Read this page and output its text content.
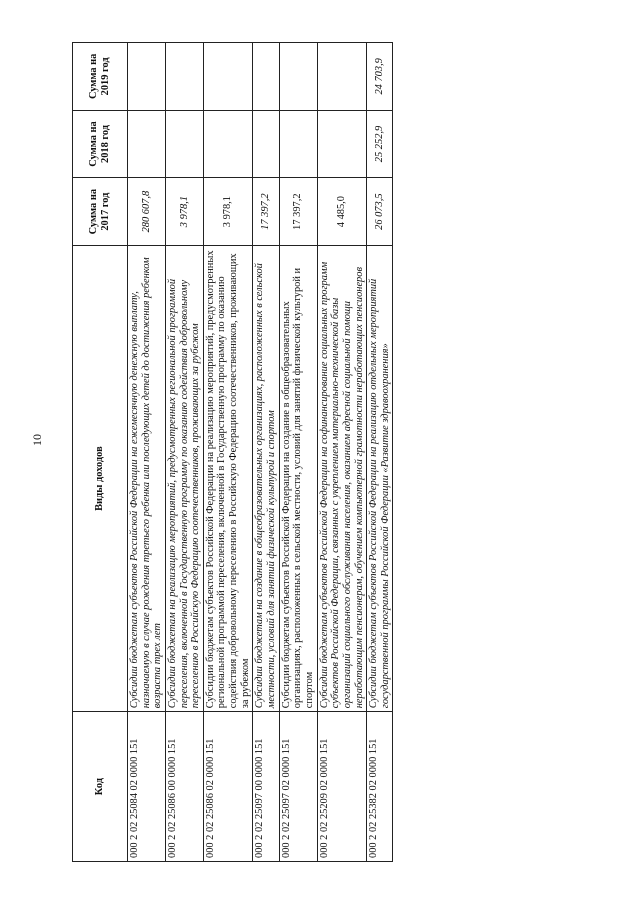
10
Код	Виды доходов	Сумма на 2017 год	Сумма на 2018 год	Сумма на 2019 год
000 2 02 25084 02 0000 151	Субсидии бюджетам субъектов Российской Федерации на ежемесячную денежную выплату, назначаемую в случае рождения третьего ребенка или последующих детей до достижения ребенком возраста трех лет	280 607,8		
000 2 02 25086 00 0000 151	Субсидии бюджетам на реализацию мероприятий, предусмотренных региональной программой переселения, включенной в Государственную программу по оказанию содействия добровольному переселению в Российскую Федерацию соотечественников, проживающих за рубежом	3 978,1		
000 2 02 25086 02 0000 151	Субсидии бюджетам субъектов Российской Федерации на реализацию мероприятий, предусмотренных региональной программой переселения, включенной в Государственную программу по оказанию содействия добровольному переселению в Российскую Федерацию соотечественников, проживающих за рубежом	3 978,1		
000 2 02 25097 00 0000 151	Субсидии бюджетам на создание в общеобразовательных организациях, расположенных в сельской местности, условий для занятий физической культурой и спортом	17 397,2		
000 2 02 25097 02 0000 151	Субсидии бюджетам субъектов Российской Федерации на создание в общеобразовательных организациях, расположенных в сельской местности, условий для занятий физической культурой и спортом	17 397,2		
000 2 02 25209 02 0000 151	Субсидии бюджетам субъектов Российской Федерации на софинансирование социальных программ субъектов Российской Федерации, связанных с укреплением материально-технической базы организаций социального обслуживания населения, оказанием адресной социальной помощи неработающим пенсионерам, обучением компьютерной грамотности неработающих пенсионеров	4 485,0		
000 2 02 25382 02 0000 151	Субсидии бюджетам субъектов Российской Федерации на реализацию отдельных мероприятий государственной программы Российской Федерации «Развитие здравоохранения»	26 073,5	25 252,9	24 703,9
